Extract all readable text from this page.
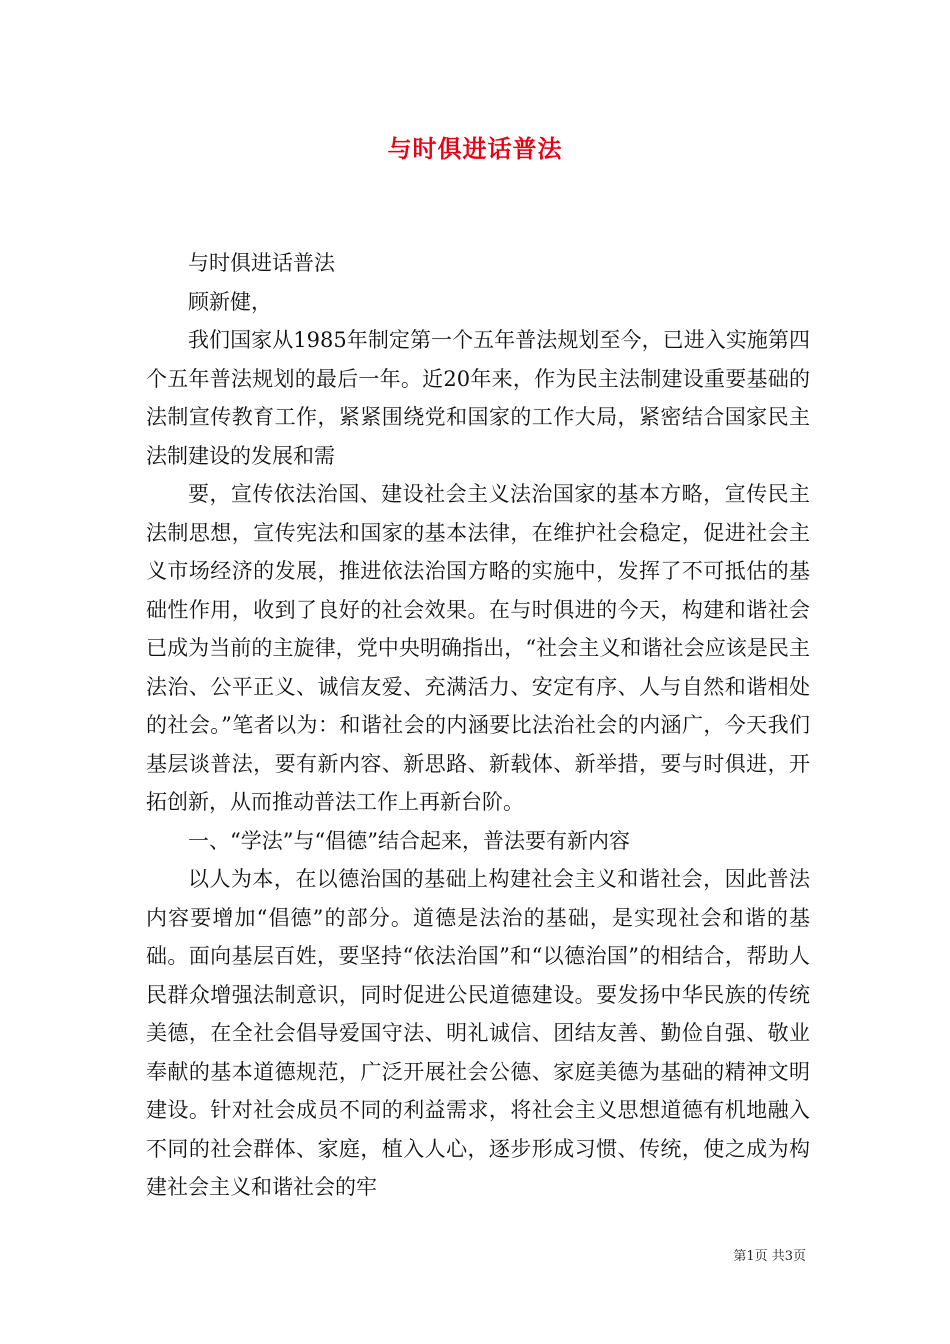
与时俱进话普法

与时俱进话普法

顾新健，

我们国家从1985年制定第一个五年普法规划至今，已进入实施第四个五年普法规划的最后一年。近20年来，作为民主法制建设重要基础的法制宣传教育工作，紧紧围绕党和国家的工作大局，紧密结合国家民主法制建设的发展和需

要，宣传依法治国、建设社会主义法治国家的基本方略，宣传民主法制思想，宣传宪法和国家的基本法律，在维护社会稳定，促进社会主义市场经济的发展，推进依法治国方略的实施中，发挥了不可抵估的基础性作用，收到了良好的社会效果。在与时俱进的今天，构建和谐社会已成为当前的主旋律，党中央明确指出，“社会主义和谐社会应该是民主法治、公平正义、诚信友爱、充满活力、安定有序、人与自然和谐相处的社会。”笔者以为：和谐社会的内涵要比法治社会的内涵广，今天我们基层谈普法，要有新内容、新思路、新载体、新举措，要与时俱进，开拓创新，从而推动普法工作上再新台阶。

一、“学法”与“倡德”结合起来，普法要有新内容

以人为本，在以德治国的基础上构建社会主义和谐社会，因此普法内容要增加“倡德”的部分。道德是法治的基础，是实现社会和谐的基础。面向基层百姓，要坚持“依法治国”和“以德治国”的相结合，帮助人民群众增强法制意识，同时促进公民道德建设。要发扬中华民族的传统美德，在全社会倡导爱国守法、明礼诚信、团结友善、勤俭自强、敬业奉献的基本道德规范，广泛开展社会公德、家庭美德为基础的精神文明建设。针对社会成员不同的利益需求，将社会主义思想道德有机地融入不同的社会群体、家庭，植入人心，逐步形成习惯、传统，使之成为构建社会主义和谐社会的牢

第1页 共3页
